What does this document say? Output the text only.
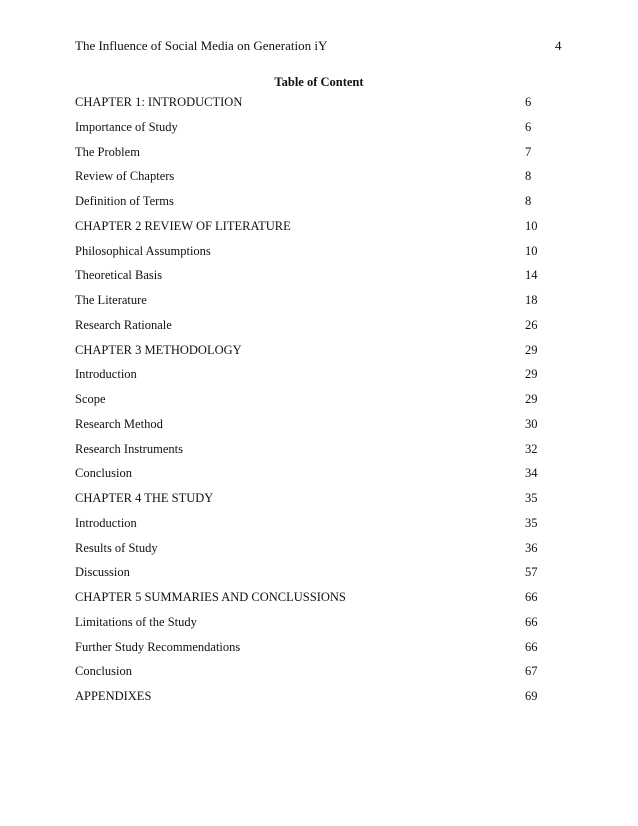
The Influence of Social Media on Generation iY	4
Table of Content
CHAPTER 1: INTRODUCTION	6
Importance of Study	6
The Problem	7
Review of Chapters	8
Definition of Terms	8
CHAPTER 2 REVIEW OF LITERATURE	10
Philosophical Assumptions	10
Theoretical Basis	14
The Literature	18
Research Rationale	26
CHAPTER 3 METHODOLOGY	29
Introduction	29
Scope	29
Research Method	30
Research Instruments	32
Conclusion	34
CHAPTER 4 THE STUDY	35
Introduction	35
Results of Study	36
Discussion	57
CHAPTER 5 SUMMARIES AND CONCLUSSIONS	66
Limitations of the Study	66
Further Study Recommendations	66
Conclusion	67
APPENDIXES	69
